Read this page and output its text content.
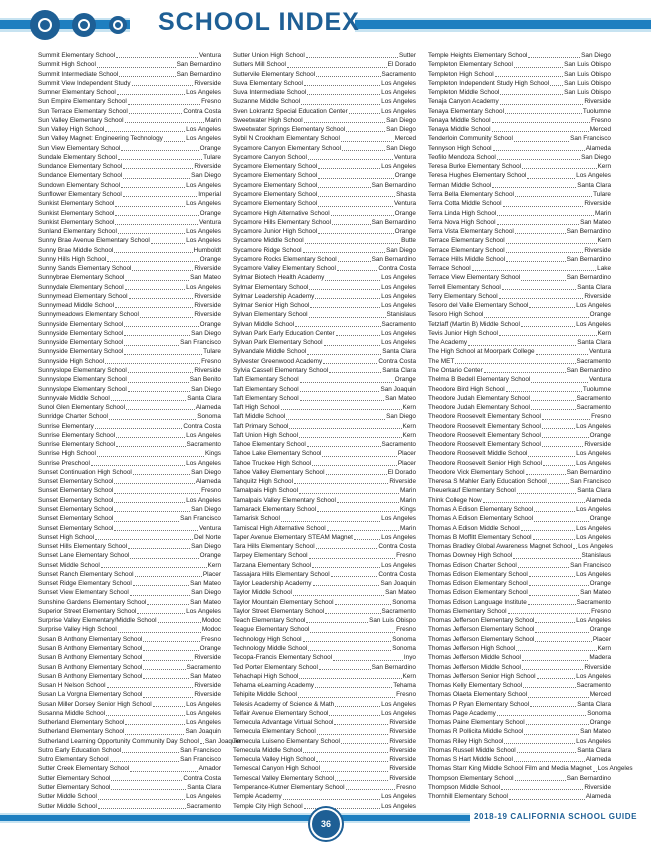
SCHOOL INDEX
Summit Elementary School	Ventura
Summit High School	San Bernardino
Summit Intermediate School	San Bernardino
Summit View Independent Study	Riverside
Sumner Elementary School	Los Angeles
Sun Empire Elementary School	Fresno
Sun Terrace Elementary School	Contra Costa
Sun Valley Elementary School	Marin
Sun Valley High School	Los Angeles
Sun Valley Magnet: Engineering Technology	Los Angeles
Sun View Elementary School	Orange
Sundale Elementary School	Tulare
Sundance Elementary School	Riverside
Sundance Elementary School	San Diego
Sundown Elementary School	Los Angeles
Sunflower Elementary School	Imperial
Sunkist Elementary School	Los Angeles
Sunkist Elementary School	Orange
Sunkist Elementary School	Ventura
Sunland Elementary School	Los Angeles
Sunny Brae Avenue Elementary School	Los Angeles
Sunny Brae Middle School	Humboldt
Sunny Hills High School	Orange
Sunny Sands Elementary School	Riverside
Sunnybrae Elementary School	San Mateo
Sunnydale Elementary School	Los Angeles
Sunnymead Elementary School	Riverside
Sunnymead Middle School	Riverside
Sunnymeadows Elementary School	Riverside
Sunnyside Elementary School	Orange
Sunnyside Elementary School	San Diego
Sunnyside Elementary School	San Francisco
Sunnyside Elementary School	Tulare
Sunnyside High School	Fresno
Sunnyslope Elementary School	Riverside
Sunnyslope Elementary School	San Benito
Sunnyslope Elementary School	San Diego
Sunnyvale Middle School	Santa Clara
Sunol Glen Elementary School	Alameda
Sunridge Charter School	Sonoma
Sunrise Elementary	Contra Costa
Sunrise Elementary School	Los Angeles
Sunrise Elementary School	Sacramento
Sunrise High School	Kings
Sunrise Preschool	Los Angeles
Sunset Continuation High School	San Diego
Sunset Elementary School	Alameda
Sunset Elementary School	Fresno
Sunset Elementary School	Los Angeles
Sunset Elementary School	San Diego
Sunset Elementary School	San Francisco
Sunset Elementary School	Ventura
Sunset High School	Del Norte
Sunset Hills Elementary School	San Diego
Sunset Lane Elementary School	Orange
Sunset Middle School	Kern
Sunset Ranch Elementary School	Placer
Sunset Ridge Elementary School	San Mateo
Sunset View Elementary School	San Diego
Sunshine Gardens Elementary School	San Mateo
Superior Street Elementary School	Los Angeles
Surprise Valley Elementary/Middle School	Modoc
Surprise Valley High School	Modoc
Susan B Anthony Elementary School	Fresno
Susan B Anthony Elementary School	Orange
Susan B Anthony Elementary School	Riverside
Susan B Anthony Elementary School	Sacramento
Susan B Anthony Elementary School	San Mateo
Susan H Nelson School	Riverside
Susan La Vorgna Elementary School	Riverside
Susan Miller Dorsey Senior High School	Los Angeles
Susanna Middle School	Los Angeles
Sutherland Elementary School	Los Angeles
Sutherland Elementary School	San Joaquin
Sutherland Learning Opportunity Community Day School San Joaquin
Sutro Early Education School	San Francisco
Sutro Elementary School	San Francisco
Sutter Creek Elementary School	Amador
Sutter Elementary School	Contra Costa
Sutter Elementary School	Santa Clara
Sutter Middle School	Los Angeles
Sutter Middle School	Sacramento
Sutter Union High School	Sutter
Sutters Mill School	El Dorado
Suttervile Elementary School	Sacramento
Suva Elementary School	Los Angeles
Suva Intermediate School	Los Angeles
Suzanne Middle School	Los Angeles
Sven Lokrantz Special Education Center	Los Angeles
Sweetwater High School	San Diego
Sweetwater Springs Elementary School	San Diego
Sybil N Crookham Elementary School	Merced
Sycamore Canyon Elementary School	San Diego
Sycamore Canyon School	Ventura
Sycamore Elementary School	Los Angeles
Sycamore Elementary School	Orange
Sycamore Elementary School	San Bernardino
Sycamore Elementary School	Shasta
Sycamore Elementary School	Ventura
Sycamore High Alternative School	Orange
Sycamore Hills Elementary School	San Bernardino
Sycamore Junior High School	Orange
Sycamore Middle School	Butte
Sycamore Ridge School	San Diego
Sycamore Rocks Elementary School	San Bernardino
Sycamore Valley Elementary School	Contra Costa
Sylmar Biotech Health Academy	Los Angeles
Sylmar Elementary School	Los Angeles
Sylmar Leadership Academy	Los Angeles
Sylmar Senior High School	Los Angeles
Sylvan Elementary School	Stanislaus
Sylvan Middle School	Sacramento
Sylvan Park Early Education Center	Los Angeles
Sylvan Park Elementary School	Los Angeles
Sylvandale Middle School	Santa Clara
Sylvester Greenwood Academy	Contra Costa
Sylvia Cassell Elementary School	Santa Clara
Taft Elementary School	Orange
Taft Elementary School	San Joaquin
Taft Elementary School	San Mateo
Taft High School	Kern
Taft Middle School	San Diego
Taft Primary School	Kern
Taft Union High School	Kern
Tahoe Elementary School	Sacramento
Tahoe Lake Elementary School	Placer
Tahoe Truckee High School	Placer
Tahoe Valley Elementary School	El Dorado
Tahquitz High School	Riverside
Tamalpais High School	Marin
Tamalpais Valley Elementary School	Marin
Tamarack Elementary School	Kings
Tamarisk School	Los Angeles
Tamiscal High Alternative School	Marin
Taper Avenue Elementary STEAM Magnet	Los Angeles
Tara Hills Elementary School	Contra Costa
Tarpey Elementary School	Fresno
Tarzana Elementary School	Los Angeles
Tassajara Hills Elementary School	Contra Costa
Taylor Leadership Academy	San Joaquin
Taylor Middle School	San Mateo
Taylor Mountain Elementary School	Sonoma
Taylor Street Elementary School	Sacramento
Teach Elementary School	San Luis Obispo
Teague Elementary School	Fresno
Technology High School	Sonoma
Technology Middle School	Sonoma
Tecopa-Francis Elementary School	Inyo
Ted Porter Elementary School	San Bernardino
Tehachapi High School	Kern
Tehama eLearning Academy	Tehama
Tehipite Middle School	Fresno
Telesis Academy of Science & Math	Los Angeles
Telfair Avenue Elementary School	Los Angeles
Temecula Advantage Virtual School	Riverside
Temecula Elementary School	Riverside
Temecula Luiseno Elementary School	Riverside
Temecula Middle School	Riverside
Temecula Valley High School	Riverside
Temescal Canyon High School	Riverside
Temescal Valley Elementary School	Riverside
Temperance-Kutner Elementary School	Fresno
Temple Academy	Los Angeles
Temple City High School	Los Angeles
Temple Heights Elementary School	San Diego
Templeton Elementary School	San Luis Obispo
Templeton High School	San Luis Obispo
Templeton Independent Study High School San Luis Obispo
Templeton Middle School	San Luis Obispo
Tenaja Canyon Academy	Riverside
Tenaya Elementary School	Tuolumne
Tenaya Middle School	Fresno
Tenaya Middle School	Merced
Tenderloin Community School	San Francisco
Tennyson High School	Alameda
Teofilo Mendoza School	San Diego
Teresa Burke Elementary School	Kern
Teresa Hughes Elementary School	Los Angeles
Terman Middle School	Santa Clara
Terra Bella Elementary School	Tulare
Terra Cotta Middle School	Riverside
Terra Linda High School	Marin
Terra Nova High School	San Mateo
Terra Vista Elementary School	San Bernardino
Terrace Elementary School	Kern
Terrace Elementary School	Riverside
Terrace Hills Middle School	San Bernardino
Terrace School	Lake
Terrace View Elementary School	San Bernardino
Terrell Elementary School	Santa Clara
Terry Elementary School	Riverside
Tesoro del Valle Elementary School	Los Angeles
Tesoro High School	Orange
Tetzlaff (Martin B) Middle School	Los Angeles
Tevis Junior High School	Kern
The Academy	Santa Clara
The High School at Moorpark College	Ventura
The MET	Sacramento
The Ontario Center	San Bernardino
Thelma B Bedell Elementary School	Ventura
Theodore Bird High School	Tuolumne
Theodore Judah Elementary School	Sacramento
Theodore Judah Elementary School	Sacramento
Theodore Roosevelt Elementary School	Fresno
Theodore Roosevelt Elementary School	Los Angeles
Theodore Roosevelt Elementary School	Orange
Theodore Roosevelt Elementary School	Riverside
Theodore Roosevelt Middle School	Los Angeles
Theodore Roosevelt Senior High School	Los Angeles
Theodore Vick Elementary School	San Bernardino
Theresa S Mahler Early Education School	San Francisco
Theuerkauf Elementary School	Santa Clara
Think College Now	Alameda
Thomas A Edison Elementary School	Los Angeles
Thomas A Edison Elementary School	Orange
Thomas A Edison Middle School	Los Angeles
Thomas B Moffitt Elementary School	Los Angeles
Thomas Bradley Global Awareness Magnet School Los Angeles
Thomas Downey High School	Stanislaus
Thomas Edison Charter School	San Francisco
Thomas Edison Elementary School	Los Angeles
Thomas Edison Elementary School	Orange
Thomas Edison Elementary School	San Mateo
Thomas Edison Language Institute	Sacramento
Thomas Elementary School	Fresno
Thomas Jefferson Elementary School	Los Angeles
Thomas Jefferson Elementary School	Orange
Thomas Jefferson Elementary School	Placer
Thomas Jefferson High School	Kern
Thomas Jefferson Middle School	Madera
Thomas Jefferson Middle School	Riverside
Thomas Jefferson Senior High School	Los Angeles
Thomas Kelly Elementary School	Sacramento
Thomas Olaeta Elementary School	Merced
Thomas P Ryan Elementary School	Santa Clara
Thomas Page Academy	Sonoma
Thomas Paine Elementary School	Orange
Thomas R Pollicita Middle School	San Mateo
Thomas Riley High School	Los Angeles
Thomas Russell Middle School	Santa Clara
Thomas S Hart Middle School	Alameda
Thomas Starr King Middle School Film and Media Magnet Los Angeles
Thompson Elementary School	San Bernardino
Thompson Middle School	Riverside
Thornhill Elementary School	Alameda
36
2018-19 CALIFORNIA SCHOOL GUIDE
